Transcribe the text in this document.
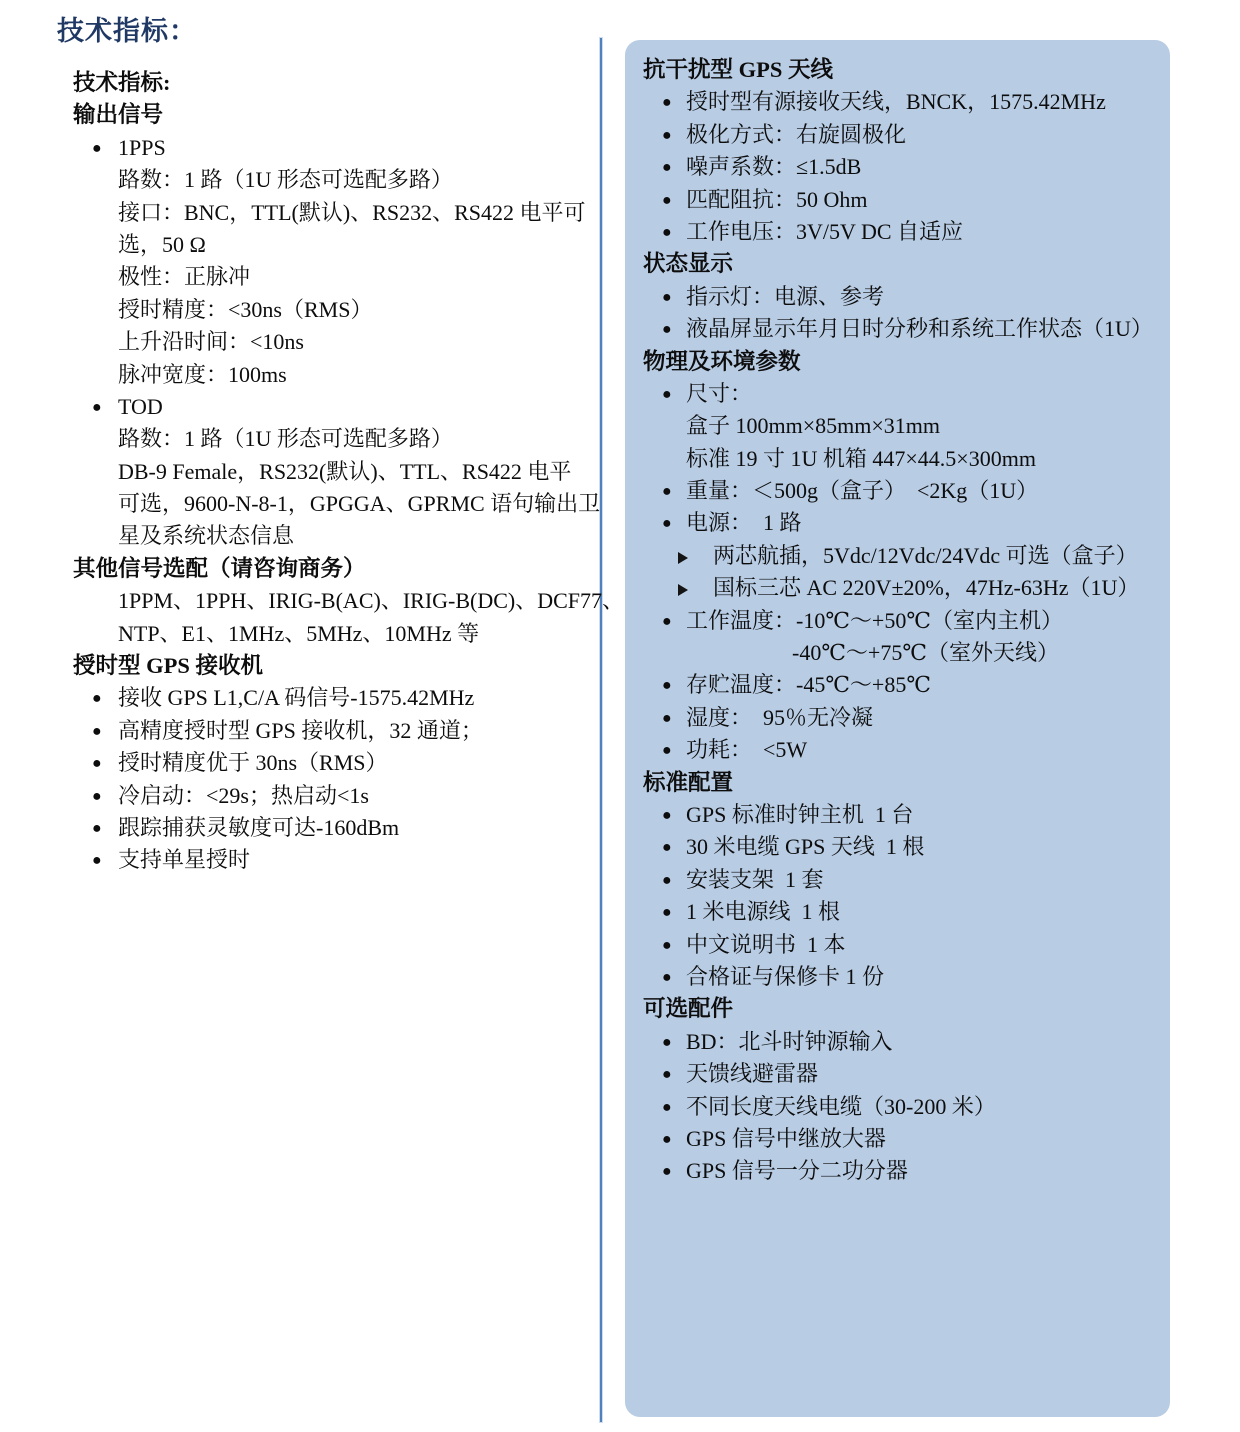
技术指标：
技术指标:
输出信号
● 1PPS
路数：1 路（1U 形态可选配多路）
接口：BNC，TTL(默认)、RS232、RS422 电平可
选，50 Ω
极性：正脉冲
授时精度：<30ns（RMS）
上升沿时间：<10ns
脉冲宽度：100ms
● TOD
路数：1 路（1U 形态可选配多路）
DB-9 Female，RS232(默认)、TTL、RS422 电平
可选，9600-N-8-1，GPGGA、GPRMC 语句输出卫
星及系统状态信息
其他信号选配（请咨询商务）
1PPM、1PPH、IRIG-B(AC)、IRIG-B(DC)、DCF77、
NTP、E1、1MHz、5MHz、10MHz 等
授时型 GPS 接收机
● 接收 GPS L1,C/A 码信号-1575.42MHz
● 高精度授时型 GPS 接收机，32 通道；
● 授时精度优于 30ns（RMS）
● 冷启动：<29s；热启动<1s
● 跟踪捕获灵敏度可达-160dBm
● 支持单星授时
抗干扰型 GPS 天线
● 授时型有源接收天线，BNCK，1575.42MHz
● 极化方式：右旋圆极化
● 噪声系数：≤1.5dB
● 匹配阻抗：50 Ohm
● 工作电压：3V/5V DC 自适应
状态显示
● 指示灯：电源、参考
● 液晶屏显示年月日时分秒和系统工作状态（1U）
物理及环境参数
● 尺寸：
盒子 100mm×85mm×31mm
标准 19 寸 1U 机箱 447×44.5×300mm
● 重量：＜500g（盒子）  <2Kg（1U）
● 电源：  1 路
两芯航插，5Vdc/12Vdc/24Vdc 可选（盒子）
国标三芯 AC 220V±20%，47Hz-63Hz（1U）
● 工作温度：-10℃～+50℃（室内主机）
-40℃～+75℃（室外天线）
● 存贮温度：-45℃～+85℃
● 湿度：  95％无冷凝
● 功耗：  <5W
标准配置
● GPS 标准时钟主机  1 台
● 30 米电缆 GPS 天线  1 根
● 安装支架  1 套
● 1 米电源线  1 根
● 中文说明书  1 本
● 合格证与保修卡 1 份
可选配件
● BD：北斗时钟源输入
● 天馈线避雷器
● 不同长度天线电缆（30-200 米）
● GPS 信号中继放大器
● GPS 信号一分二功分器
